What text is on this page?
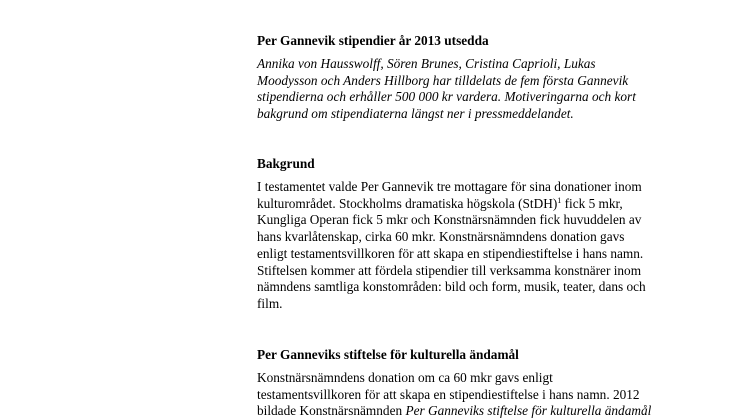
Per Gannevik stipendier år 2013 utsedda
Annika von Hausswolff, Sören Brunes, Cristina Caprioli, Lukas
Moodysson och Anders Hillborg har tilldelats de fem första Gannevik
stipendierna och erhåller 500 000 kr vardera. Motiveringarna och kort
bakgrund om stipendiaterna längst ner i pressmeddelandet.
Bakgrund
I testamentet valde Per Gannevik tre mottagare för sina donationer inom
kulturområdet. Stockholms dramatiska högskola (StDH)$^1$ fick 5 mkr,
Kungliga Operan fick 5 mkr och Konstnärsnämnden fick huvuddelen av
hans kvarlåtenskap, cirka 60 mkr. Konstnärsnämndens donation gavs
enligt testamentsvillkoren för att skapa en stipendiestiftelse i hans namn.
Stiftelsen kommer att fördela stipendier till verksamma konstnärer inom
nämndens samtliga konstområden: bild och form, musik, teater, dans och
film.
Per Ganneviks stiftelse för kulturella ändamål
Konstnärsnämndens donation om ca 60 mkr gavs enligt
testamentsvillkoren för att skapa en stipendiestiftelse i hans namn. 2012
bildade Konstnärsnämnden Per Ganneviks stiftelse för kulturella ändamål
